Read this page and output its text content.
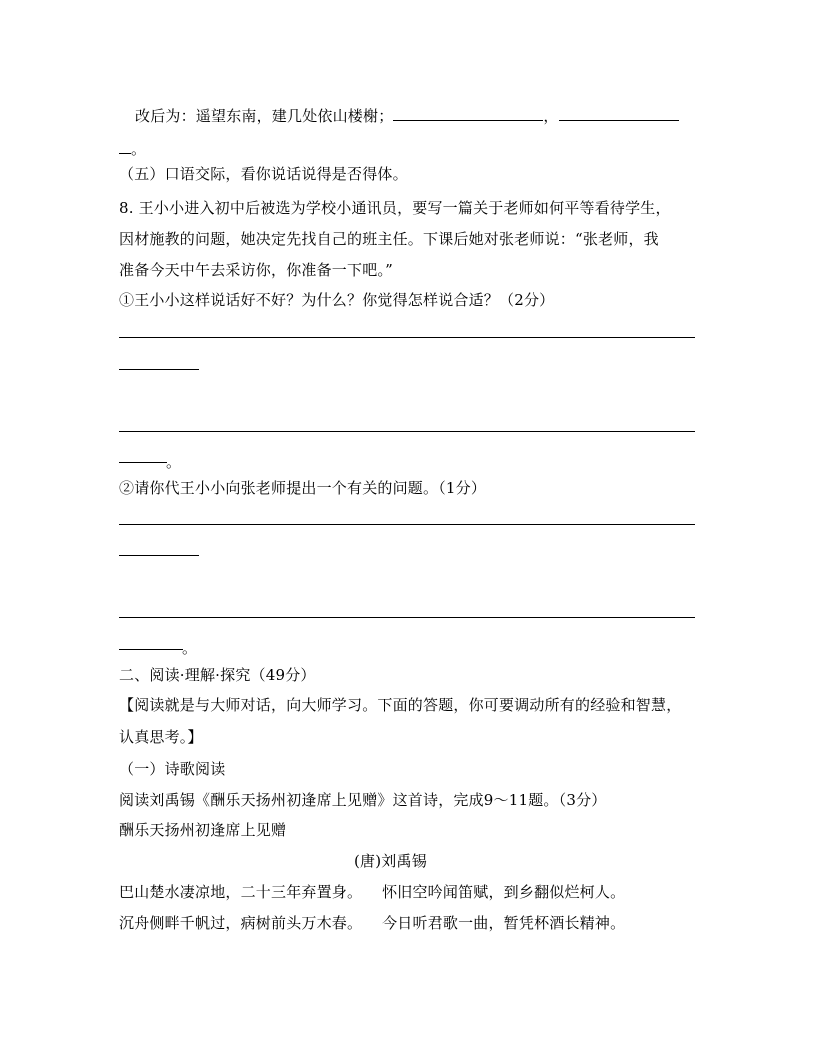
改后为：遥望东南，建几处依山楼榭；	，
。
（五）口语交际，看你说话说得是否得体。
8. 王小小进入初中后被选为学校小通讯员，要写一篇关于老师如何平等看待学生，
因材施教的问题，她决定先找自己的班主任。下课后她对张老师说：“张老师，我
准备今天中午去采访你，你准备一下吧。”
①王小小这样说话好不好？为什么？你觉得怎样说合适？（2分）
。
②请你代王小小向张老师提出一个有关的问题。（1分）
。
二、阅读·理解·探究（49分）
【阅读就是与大师对话，向大师学习。下面的答题，你可要调动所有的经验和智慧，
认真思考。】
（一）诗歌阅读
阅读刘禹锡《酬乐天扬州初逢席上见赠》这首诗，完成9～11题。（3分）
酬乐天扬州初逢席上见赠
(唐)刘禹锡
巴山楚水凄凉地，二十三年弃置身。    怀旧空吟闻笛赋，到乡翻似烂柯人。
沉舟侧畔千帆过，病树前头万木春。    今日听君歌一曲，暂凭杯酒长精神。
